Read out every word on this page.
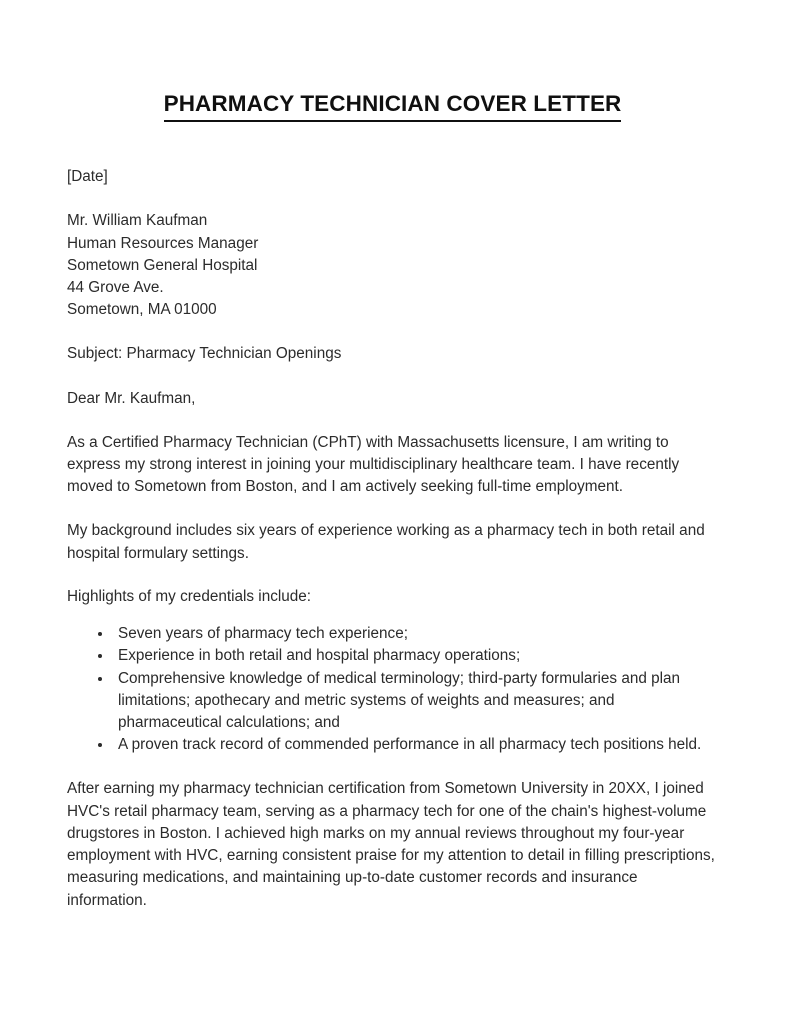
PHARMACY TECHNICIAN COVER LETTER
[Date]
Mr. William Kaufman
Human Resources Manager
Sometown General Hospital
44 Grove Ave.
Sometown, MA 01000
Subject: Pharmacy Technician Openings
Dear Mr. Kaufman,

As a Certified Pharmacy Technician (CPhT) with Massachusetts licensure, I am writing to express my strong interest in joining your multidisciplinary healthcare team. I have recently moved to Sometown from Boston, and I am actively seeking full-time employment.

My background includes six years of experience working as a pharmacy tech in both retail and hospital formulary settings.

Highlights of my credentials include:

Seven years of pharmacy tech experience;
Experience in both retail and hospital pharmacy operations;
Comprehensive knowledge of medical terminology; third-party formularies and plan limitations; apothecary and metric systems of weights and measures; and pharmaceutical calculations; and
A proven track record of commended performance in all pharmacy tech positions held.

After earning my pharmacy technician certification from Sometown University in 20XX, I joined HVC's retail pharmacy team, serving as a pharmacy tech for one of the chain's highest-volume drugstores in Boston. I achieved high marks on my annual reviews throughout my four-year employment with HVC, earning consistent praise for my attention to detail in filling prescriptions, measuring medications, and maintaining up-to-date customer records and insurance information.
